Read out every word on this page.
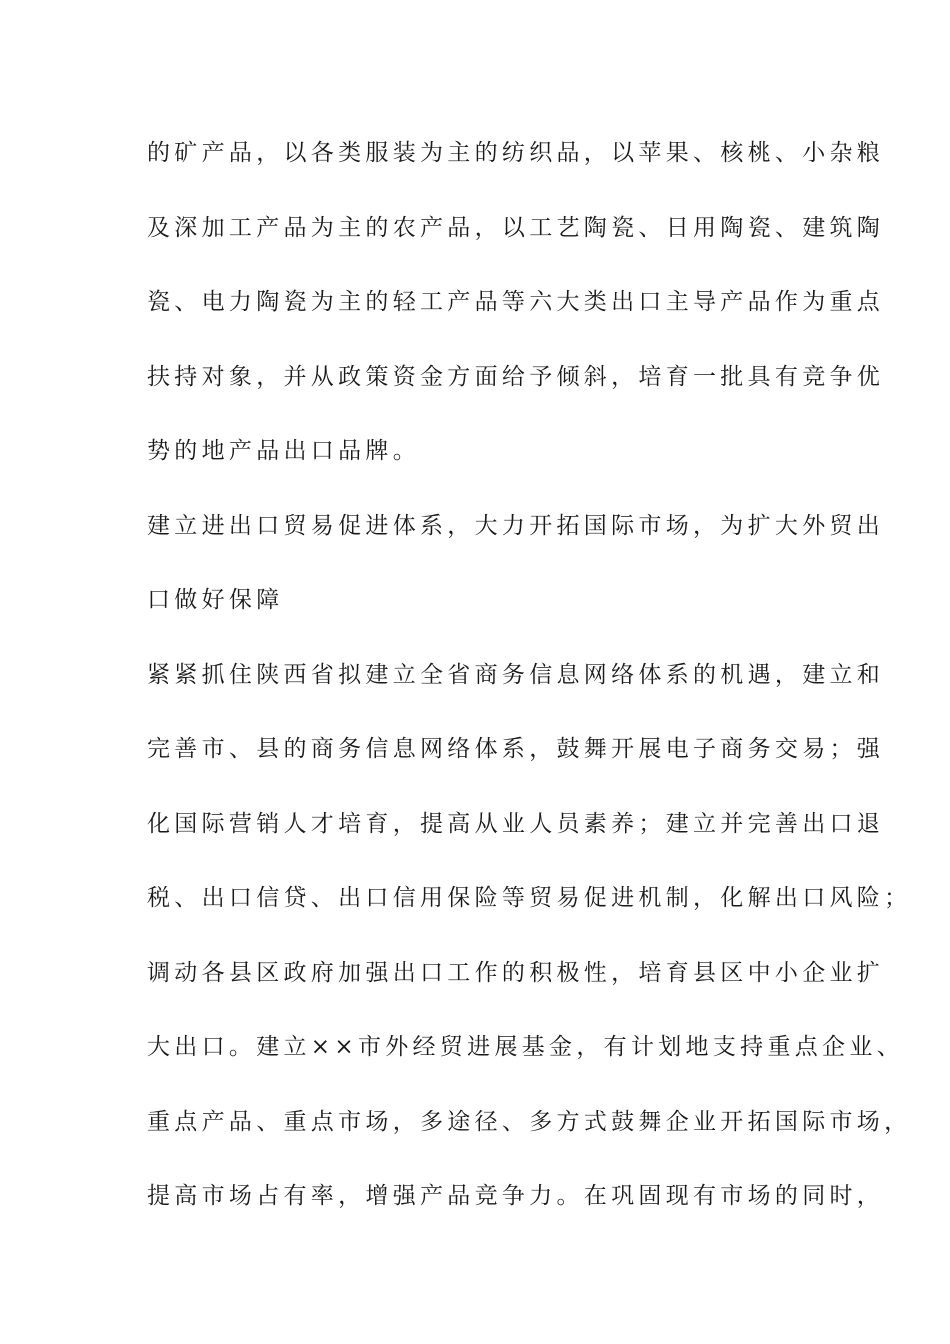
的矿产品，以各类服装为主的纺织品，以苹果、核桃、小杂粮
及深加工产品为主的农产品，以工艺陶瓷、日用陶瓷、建筑陶
瓷、电力陶瓷为主的轻工产品等六大类出口主导产品作为重点
扶持对象，并从政策资金方面给予倾斜，培育一批具有竞争优
势的地产品出口品牌。
建立进出口贸易促进体系，大力开拓国际市场，为扩大外贸出
口做好保障
紧紧抓住陕西省拟建立全省商务信息网络体系的机遇，建立和
完善市、县的商务信息网络体系，鼓舞开展电子商务交易；强
化国际营销人才培育，提高从业人员素养；建立并完善出口退
税、出口信贷、出口信用保险等贸易促进机制，化解出口风险；
调动各县区政府加强出口工作的积极性，培育县区中小企业扩
大出口。建立××市外经贸进展基金，有计划地支持重点企业、
重点产品、重点市场，多途径、多方式鼓舞企业开拓国际市场，
提高市场占有率，增强产品竞争力。在巩固现有市场的同时，
